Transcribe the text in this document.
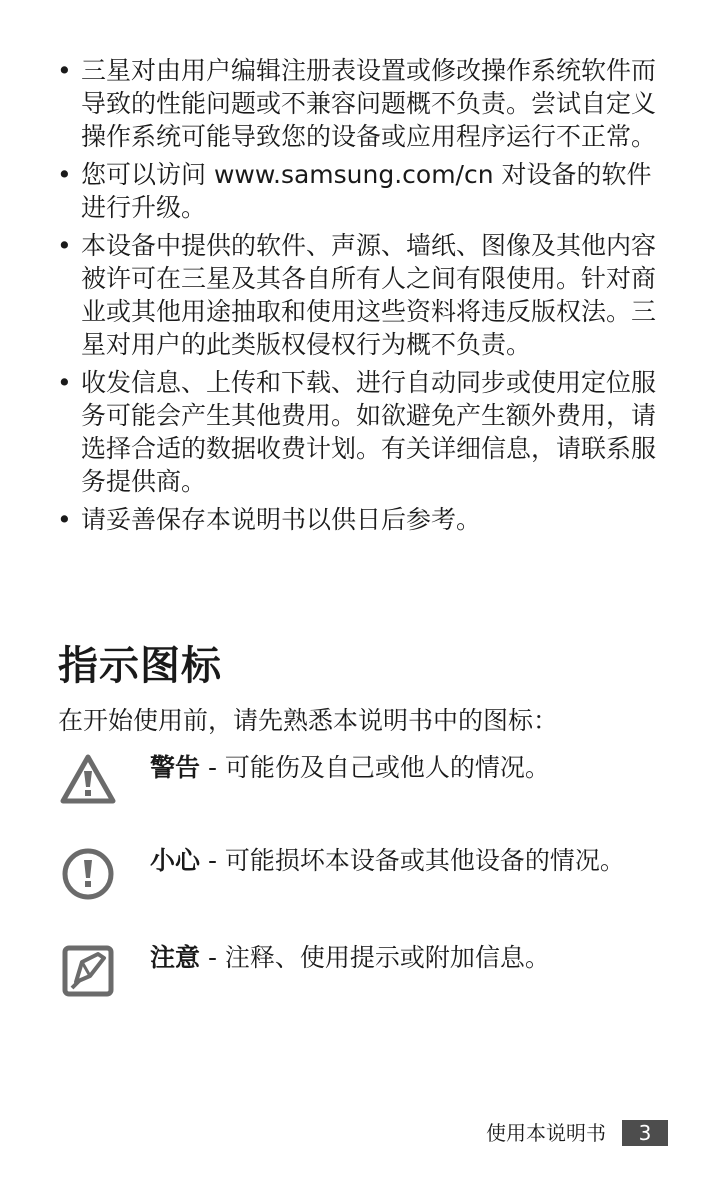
• 三星对由用户编辑注册表设置或修改操作系统软件而导致的性能问题或不兼容问题概不负责。尝试自定义操作系统可能导致您的设备或应用程序运行不正常。
• 您可以访问 www.samsung.com/cn 对设备的软件进行升级。
• 本设备中提供的软件、声源、墙纸、图像及其他内容被许可在三星及其各自所有人之间有限使用。针对商业或其他用途抽取和使用这些资料将违反版权法。三星对用户的此类版权侵权行为概不负责。
• 收发信息、上传和下载、进行自动同步或使用定位服务可能会产生其他费用。如欲避免产生额外费用，请选择合适的数据收费计划。有关详细信息，请联系服务提供商。
• 请妥善保存本说明书以供日后参考。
指示图标

在开始使用前，请先熟悉本说明书中的图标：

警告 - 可能伤及自己或他人的情况。
小心 - 可能损坏本设备或其他设备的情况。
注意 - 注释、使用提示或附加信息。
使用本说明书	3
